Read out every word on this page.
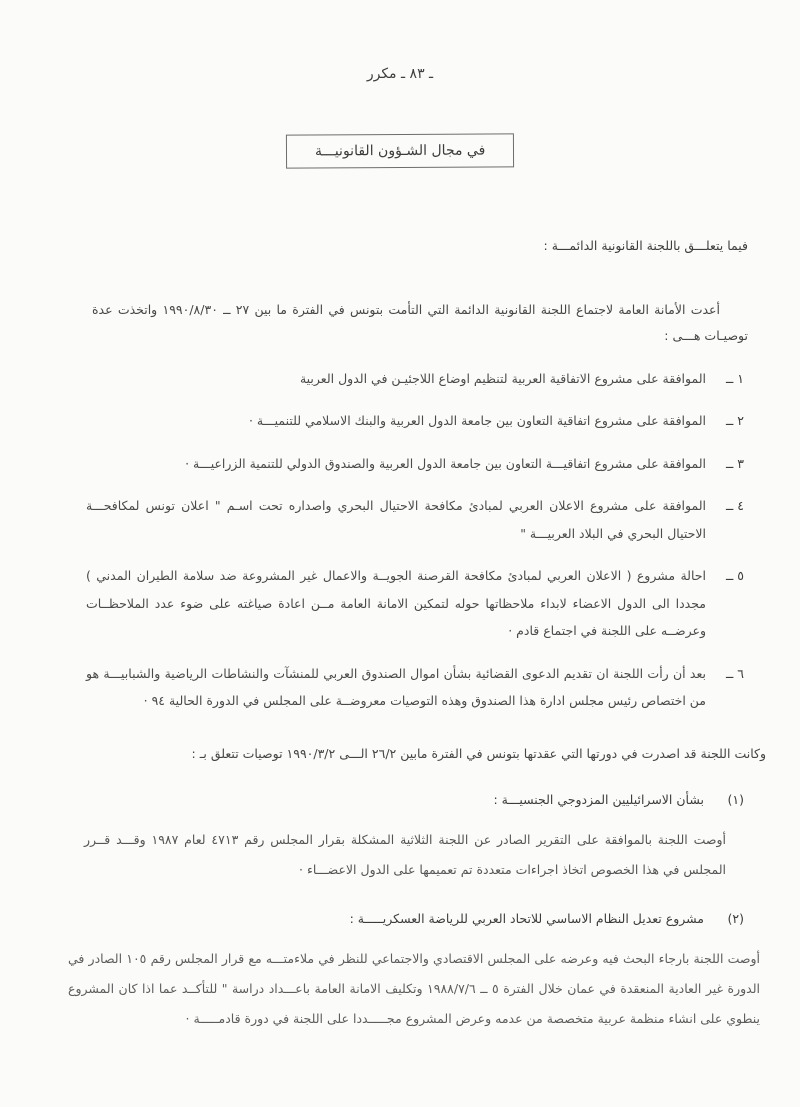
ـ ٨٣ ـ مكرر
في مجال الشـؤون القانونيـــة
فيما يتعلـــق باللجنة القانونية الدائمـــة :
أعدت الأمانة العامة لاجتماع اللجنة القانونية الدائمة التي التأمت بتونس في الفترة ما بين ٢٧ ــ ١٩٩٠/٨/٣٠ واتخذت عدة توصيـات هـــى :
١ ــ
الموافقة على مشروع الاتفاقية العربية لتنظيم اوضاع اللاجئيـن في الدول العربية
٢ ــ
الموافقة على مشروع اتفاقية التعاون بين جامعة الدول العربية والبنك الاسلامي للتنميـــة ·
٣ ــ
الموافقة على مشروع اتفاقيـــة التعاون بين جامعة الدول العربية والصندوق الدولي للتنمية الزراعيـــة ·
٤ ــ
الموافقة على مشروع الاعلان العربي لمبادئ مكافحة الاحتيال البحري واصداره تحت اسـم " اعلان تونس لمكافحـــة الاحتيال البحري في البلاد العربيـــة "
٥ ــ
احالة مشروع ( الاعلان العربي لمبادئ مكافحة القرصنة الجويــة والاعمال غير المشروعة ضد سلامة الطيران المدني ) مجددا الى الدول الاعضاء لابداء ملاحظاتها حوله لتمكين الامانة العامة مــن اعادة صياغته على ضوء عدد الملاحظــات وعرضــه على اللجنة في اجتماع قادم ·
٦ ــ
بعد أن رأت اللجنة ان تقديم الدعوى القضائية بشأن اموال الصندوق العربي للمنشآت والنشاطات الرياضية والشبابيـــة هو من اختصاص رئيس مجلس ادارة هذا الصندوق وهذه التوصيات معروضــة على المجلس في الدورة الحالية ٩٤ ·
وكانت اللجنة قد اصدرت في دورتها التي عقدتها بتونس في الفترة مابين ٢٦/٢ الـــى ١٩٩٠/٣/٢ توصيات تتعلق بـ :
(١)
بشأن الاسرائيليين المزدوجي الجنسيـــة :
أوصت اللجنة بالموافقة على التقرير الصادر عن اللجنة الثلاثية المشكلة بقرار المجلس رقم ٤٧١٣ لعام ١٩٨٧ وقـــد قــرر المجلس في هذا الخصوص اتخاذ اجراءات متعددة تم تعميمها على الدول الاعضـــاء ·
(٢)
مشروع تعديل النظام الاساسي للاتحاد العربي للرياضة العسكريـــــة :
أوصت اللجنة بارجاء البحث فيه وعرضه على المجلس الاقتصادي والاجتماعي للنظر في ملاءمتـــه مع قرار المجلس رقم ١٠٥ الصادر في الدورة غير العادية المنعقدة في عمان خلال الفترة ٥ ــ ١٩٨٨/٧/٦ وتكليف الامانة العامة باعـــداد دراسة " للتأكــد عما اذا كان المشروع ينطوي على انشاء منظمة عربية متخصصة من عدمه وعرض المشروع مجـــــددا على اللجنة في دورة قادمـــــة ·
